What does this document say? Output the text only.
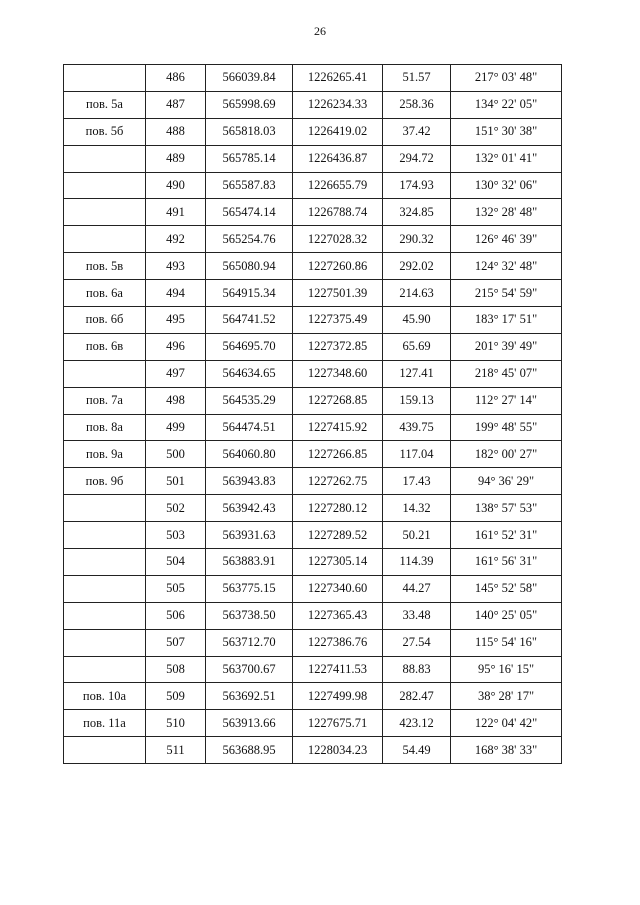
26
	486	566039.84	1226265.41	51.57	217° 03' 48"
пов. 5а	487	565998.69	1226234.33	258.36	134° 22' 05"
пов. 5б	488	565818.03	1226419.02	37.42	151° 30' 38"
	489	565785.14	1226436.87	294.72	132° 01' 41"
	490	565587.83	1226655.79	174.93	130° 32' 06"
	491	565474.14	1226788.74	324.85	132° 28' 48"
	492	565254.76	1227028.32	290.32	126° 46' 39"
пов. 5в	493	565080.94	1227260.86	292.02	124° 32' 48"
пов. 6а	494	564915.34	1227501.39	214.63	215° 54' 59"
пов. 6б	495	564741.52	1227375.49	45.90	183° 17' 51"
пов. 6в	496	564695.70	1227372.85	65.69	201° 39' 49"
	497	564634.65	1227348.60	127.41	218° 45' 07"
пов. 7а	498	564535.29	1227268.85	159.13	112° 27' 14"
пов. 8а	499	564474.51	1227415.92	439.75	199° 48' 55"
пов. 9а	500	564060.80	1227266.85	117.04	182° 00' 27"
пов. 9б	501	563943.83	1227262.75	17.43	94° 36' 29"
	502	563942.43	1227280.12	14.32	138° 57' 53"
	503	563931.63	1227289.52	50.21	161° 52' 31"
	504	563883.91	1227305.14	114.39	161° 56' 31"
	505	563775.15	1227340.60	44.27	145° 52' 58"
	506	563738.50	1227365.43	33.48	140° 25' 05"
	507	563712.70	1227386.76	27.54	115° 54' 16"
	508	563700.67	1227411.53	88.83	95° 16' 15"
пов. 10а	509	563692.51	1227499.98	282.47	38° 28' 17"
пов. 11а	510	563913.66	1227675.71	423.12	122° 04' 42"
	511	563688.95	1228034.23	54.49	168° 38' 33"
